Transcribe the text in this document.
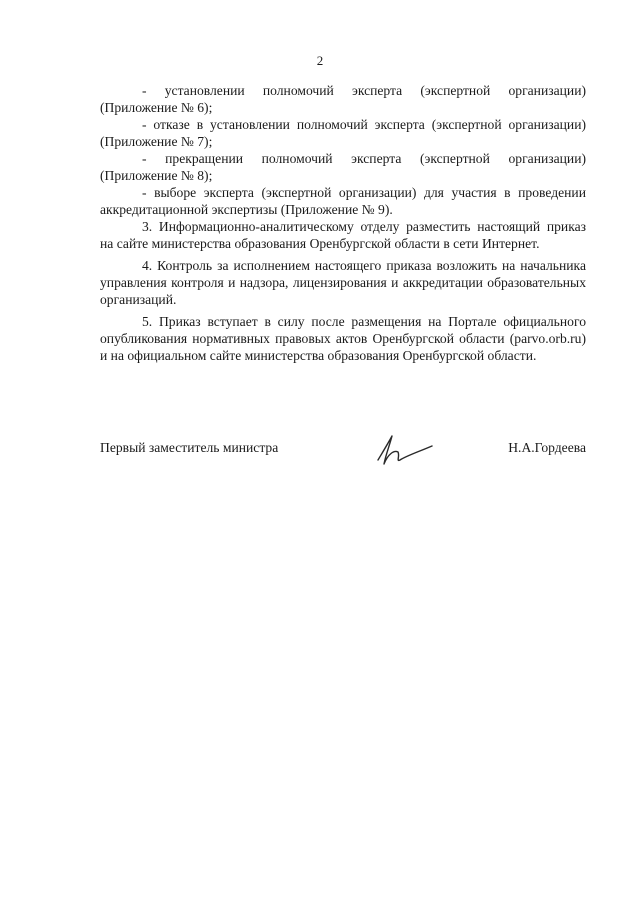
2

- установлении полномочий эксперта (экспертной организации) (Приложение № 6);

- отказе в установлении полномочий эксперта (экспертной организации) (Приложение № 7);

- прекращении полномочий эксперта (экспертной организации) (Приложение № 8);

- выборе эксперта (экспертной организации) для участия в проведении аккредитационной экспертизы (Приложение № 9).

3. Информационно-аналитическому отделу разместить настоящий приказ на сайте министерства образования Оренбургской области в сети Интернет.

4. Контроль за исполнением настоящего приказа возложить на начальника управления контроля и надзора, лицензирования и аккредитации образовательных организаций.

5. Приказ вступает в силу после размещения на Портале официального опубликования нормативных правовых актов Оренбургской области (parvo.orb.ru) и на официальном сайте министерства образования Оренбургской области.

Первый заместитель министра	Н.А.Гордеева
